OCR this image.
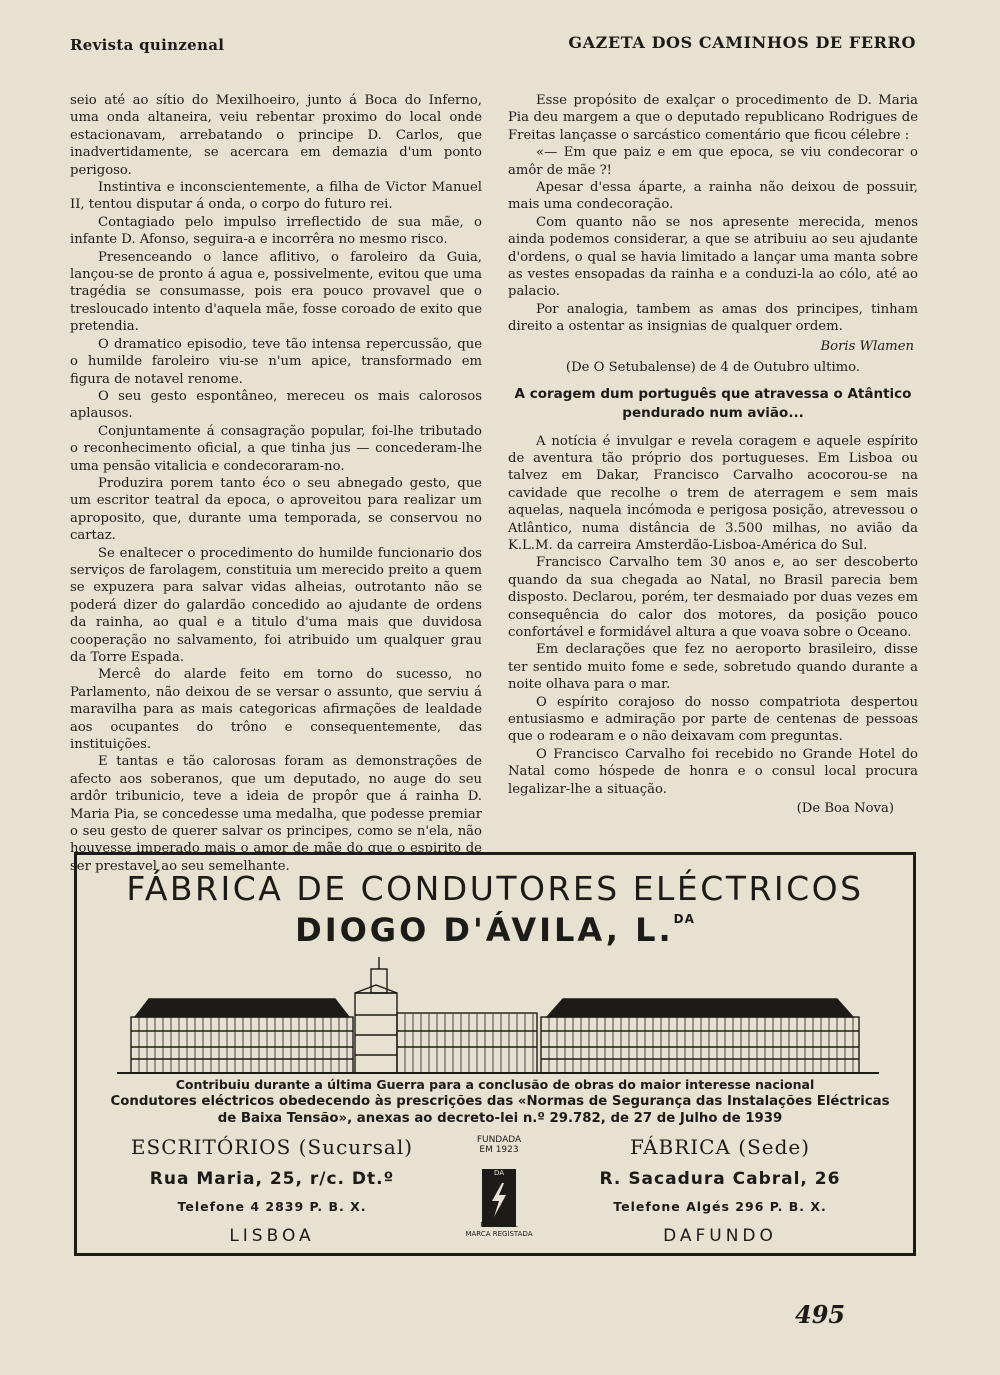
Revista quinzenal	GAZETA DOS CAMINHOS DE FERRO

seio até ao sítio do Mexilhoeiro, junto á Boca do Inferno, uma onda altaneira, veiu rebentar proximo do local onde estacionavam, arrebatando o principe D. Carlos, que inadvertidamente, se acercara em demazia d'um ponto perigoso.

Instintiva e inconscientemente, a filha de Victor Manuel II, tentou disputar á onda, o corpo do futuro rei.

Contagiado pelo impulso irreflectido de sua mãe, o infante D. Afonso, seguira-a e incorrêra no mesmo risco.

Presenceando o lance aflitivo, o faroleiro da Guia, lançou-se de pronto á agua e, possivelmente, evitou que uma tragédia se consumasse, pois era pouco provavel que o tresloucado intento d'aquela mãe, fosse coroado de exito que pretendia.

O dramatico episodio, teve tão intensa repercussão, que o humilde faroleiro viu-se n'um apice, transformado em figura de notavel renome.

O seu gesto espontâneo, mereceu os mais calorosos aplausos.

Conjuntamente á consagração popular, foi-lhe tributado o reconhecimento oficial, a que tinha jus — concederam-lhe uma pensão vitalicia e condecoraram-no.

Produzira porem tanto éco o seu abnegado gesto, que um escritor teatral da epoca, o aproveitou para realizar um aproposito, que, durante uma temporada, se conservou no cartaz.

Se enaltecer o procedimento do humilde funcionario dos serviços de farolagem, constituia um merecido preito a quem se expuzera para salvar vidas alheias, outrotanto não se poderá dizer do galardão concedido ao ajudante de ordens da rainha, ao qual e a titulo d'uma mais que duvidosa cooperação no salvamento, foi atribuido um qualquer grau da Torre Espada.

Mercê do alarde feito em torno do sucesso, no Parlamento, não deixou de se versar o assunto, que serviu á maravilha para as mais categoricas afirmações de lealdade aos ocupantes do trôno e consequentemente, das instituições.

E tantas e tão calorosas foram as demonstrações de afecto aos soberanos, que um deputado, no auge do seu ardôr tribunicio, teve a ideia de propôr que á rainha D. Maria Pia, se concedesse uma medalha, que podesse premiar o seu gesto de querer salvar os principes, como se n'ela, não houvesse imperado mais o amor de mãe do que o espirito de ser prestavel ao seu semelhante.

Esse propósito de exalçar o procedimento de D. Maria Pia deu margem a que o deputado republicano Rodrigues de Freitas lançasse o sarcástico comentário que ficou célebre :

«— Em que paiz e em que epoca, se viu condecorar o amôr de mãe ?!

Apesar d'essa áparte, a rainha não deixou de possuir, mais uma condecoração.

Com quanto não se nos apresente merecida, menos ainda podemos considerar, a que se atribuiu ao seu ajudante d'ordens, o qual se havia limitado a lançar uma manta sobre as vestes ensopadas da rainha e a conduzi-la ao cólo, até ao palacio.

Por analogia, tambem as amas dos principes, tinham direito a ostentar as insignias de qualquer ordem.

Boris Wlamen
(De O Setubalense) de 4 de Outubro ultimo.
A coragem dum português que atravessa o Atântico
pendurado num avião...

A notícia é invulgar e revela coragem e aquele espírito de aventura tão próprio dos portugueses. Em Lisboa ou talvez em Dakar, Francisco Carvalho acocorou-se na cavidade que recolhe o trem de aterragem e sem mais aquelas, naquela incómoda e perigosa posição, atrevessou o Atlântico, numa distância de 3.500 milhas, no avião da K.L.M. da carreira Amsterdão-Lisboa-América do Sul.

Francisco Carvalho tem 30 anos e, ao ser descoberto quando da sua chegada ao Natal, no Brasil parecia bem disposto. Declarou, porém, ter desmaiado por duas vezes em consequência do calor dos motores, da posição pouco confortável e formidável altura a que voava sobre o Oceano.

Em declarações que fez no aeroporto brasileiro, disse ter sentido muito fome e sede, sobretudo quando durante a noite olhava para o mar.

O espírito corajoso do nosso compatriota despertou entusiasmo e admiração por parte de centenas de pessoas que o rodearam e o não deixavam com preguntas.

O Francisco Carvalho foi recebido no Grande Hotel do Natal como hóspede de honra e o consul local procura legalizar-lhe a situação.

(De Boa Nova)
FÁBRICA DE CONDUTORES ELÉCTRICOS
DIOGO D'ÁVILA, L.$^{DA}$
Contribuiu durante a última Guerra para a conclusão de obras do maior interesse nacional
Condutores eléctricos obedecendo às prescrições das «Normas de Segurança das Instalações Eléctricas de Baixa Tensão», anexas ao decreto-lei n.º 29.782, de 27 de Julho de 1939
ESCRITÓRIOS (Sucursal)
Rua Maria, 25, r/c. Dt.º
Telefone 4 2839 P. B. X.
LISBOA
FUNDADA
EM 1923
DA
PORTUGAL
MARCA REGISTADA
FÁBRICA (Sede)
R. Sacadura Cabral, 26
Telefone Algés 296 P. B. X.
DAFUNDO
495
